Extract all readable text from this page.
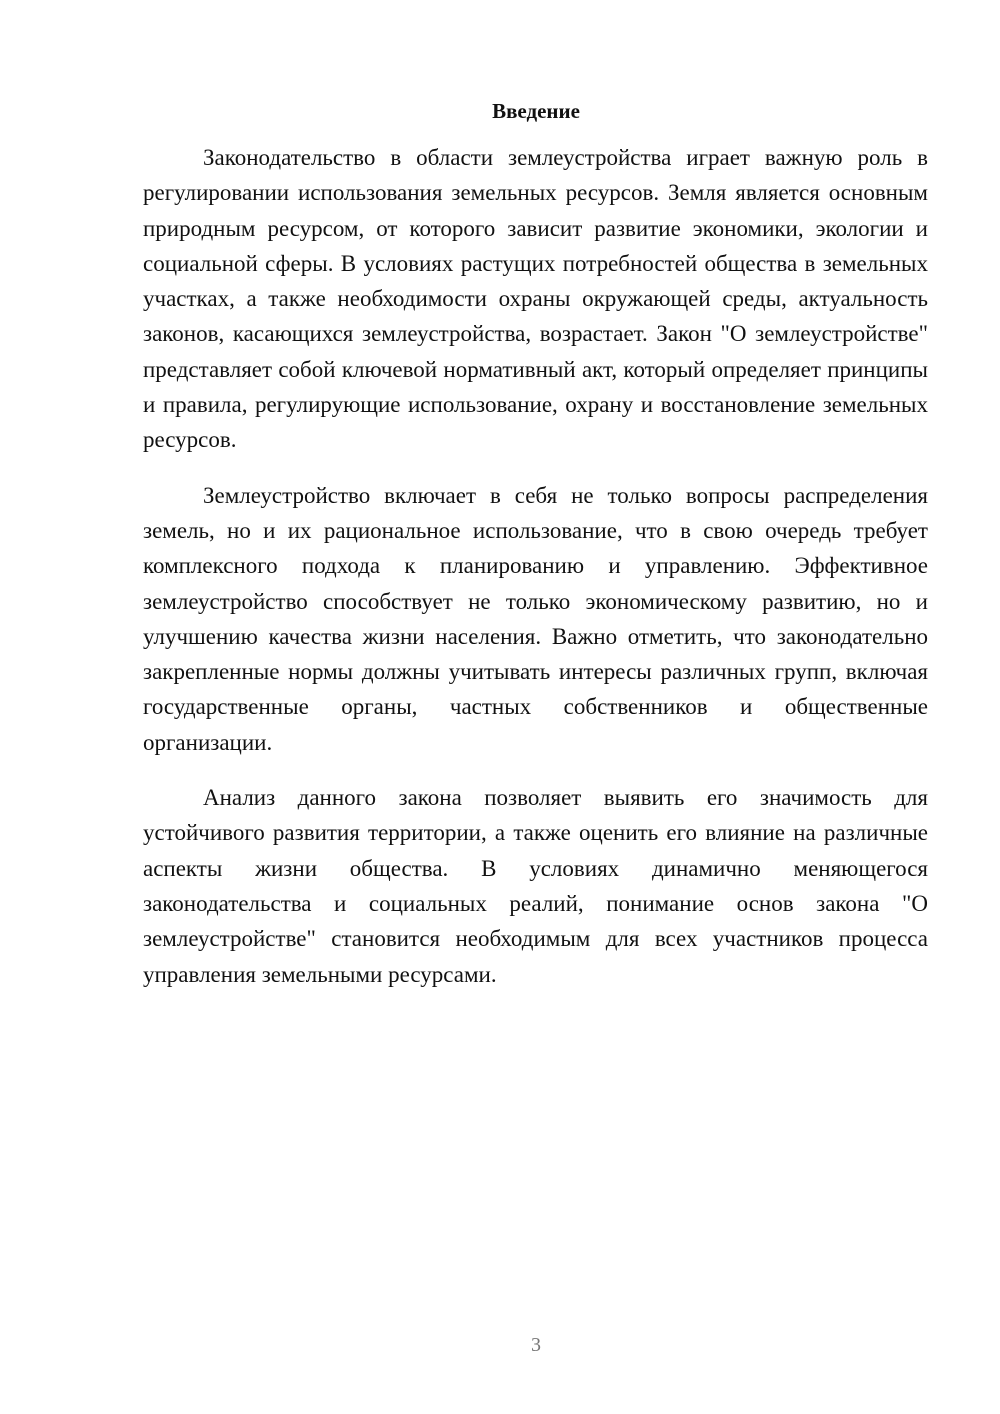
Введение

Законодательство в области землеустройства играет важную роль в регулировании использования земельных ресурсов. Земля является основным природным ресурсом, от которого зависит развитие экономики, экологии и социальной сферы. В условиях растущих потребностей общества в земельных участках, а также необходимости охраны окружающей среды, актуальность законов, касающихся землеустройства, возрастает. Закон "О землеустройстве" представляет собой ключевой нормативный акт, который определяет принципы и правила, регулирующие использование, охрану и восстановление земельных ресурсов.

Землеустройство включает в себя не только вопросы распределения земель, но и их рациональное использование, что в свою очередь требует комплексного подхода к планированию и управлению. Эффективное землеустройство способствует не только экономическому развитию, но и улучшению качества жизни населения. Важно отметить, что законодательно закрепленные нормы должны учитывать интересы различных групп, включая государственные органы, частных собственников и общественные организации.

Анализ данного закона позволяет выявить его значимость для устойчивого развития территории, а также оценить его влияние на различные аспекты жизни общества. В условиях динамично меняющегося законодательства и социальных реалий, понимание основ закона "О землеустройстве" становится необходимым для всех участников процесса управления земельными ресурсами.

3
